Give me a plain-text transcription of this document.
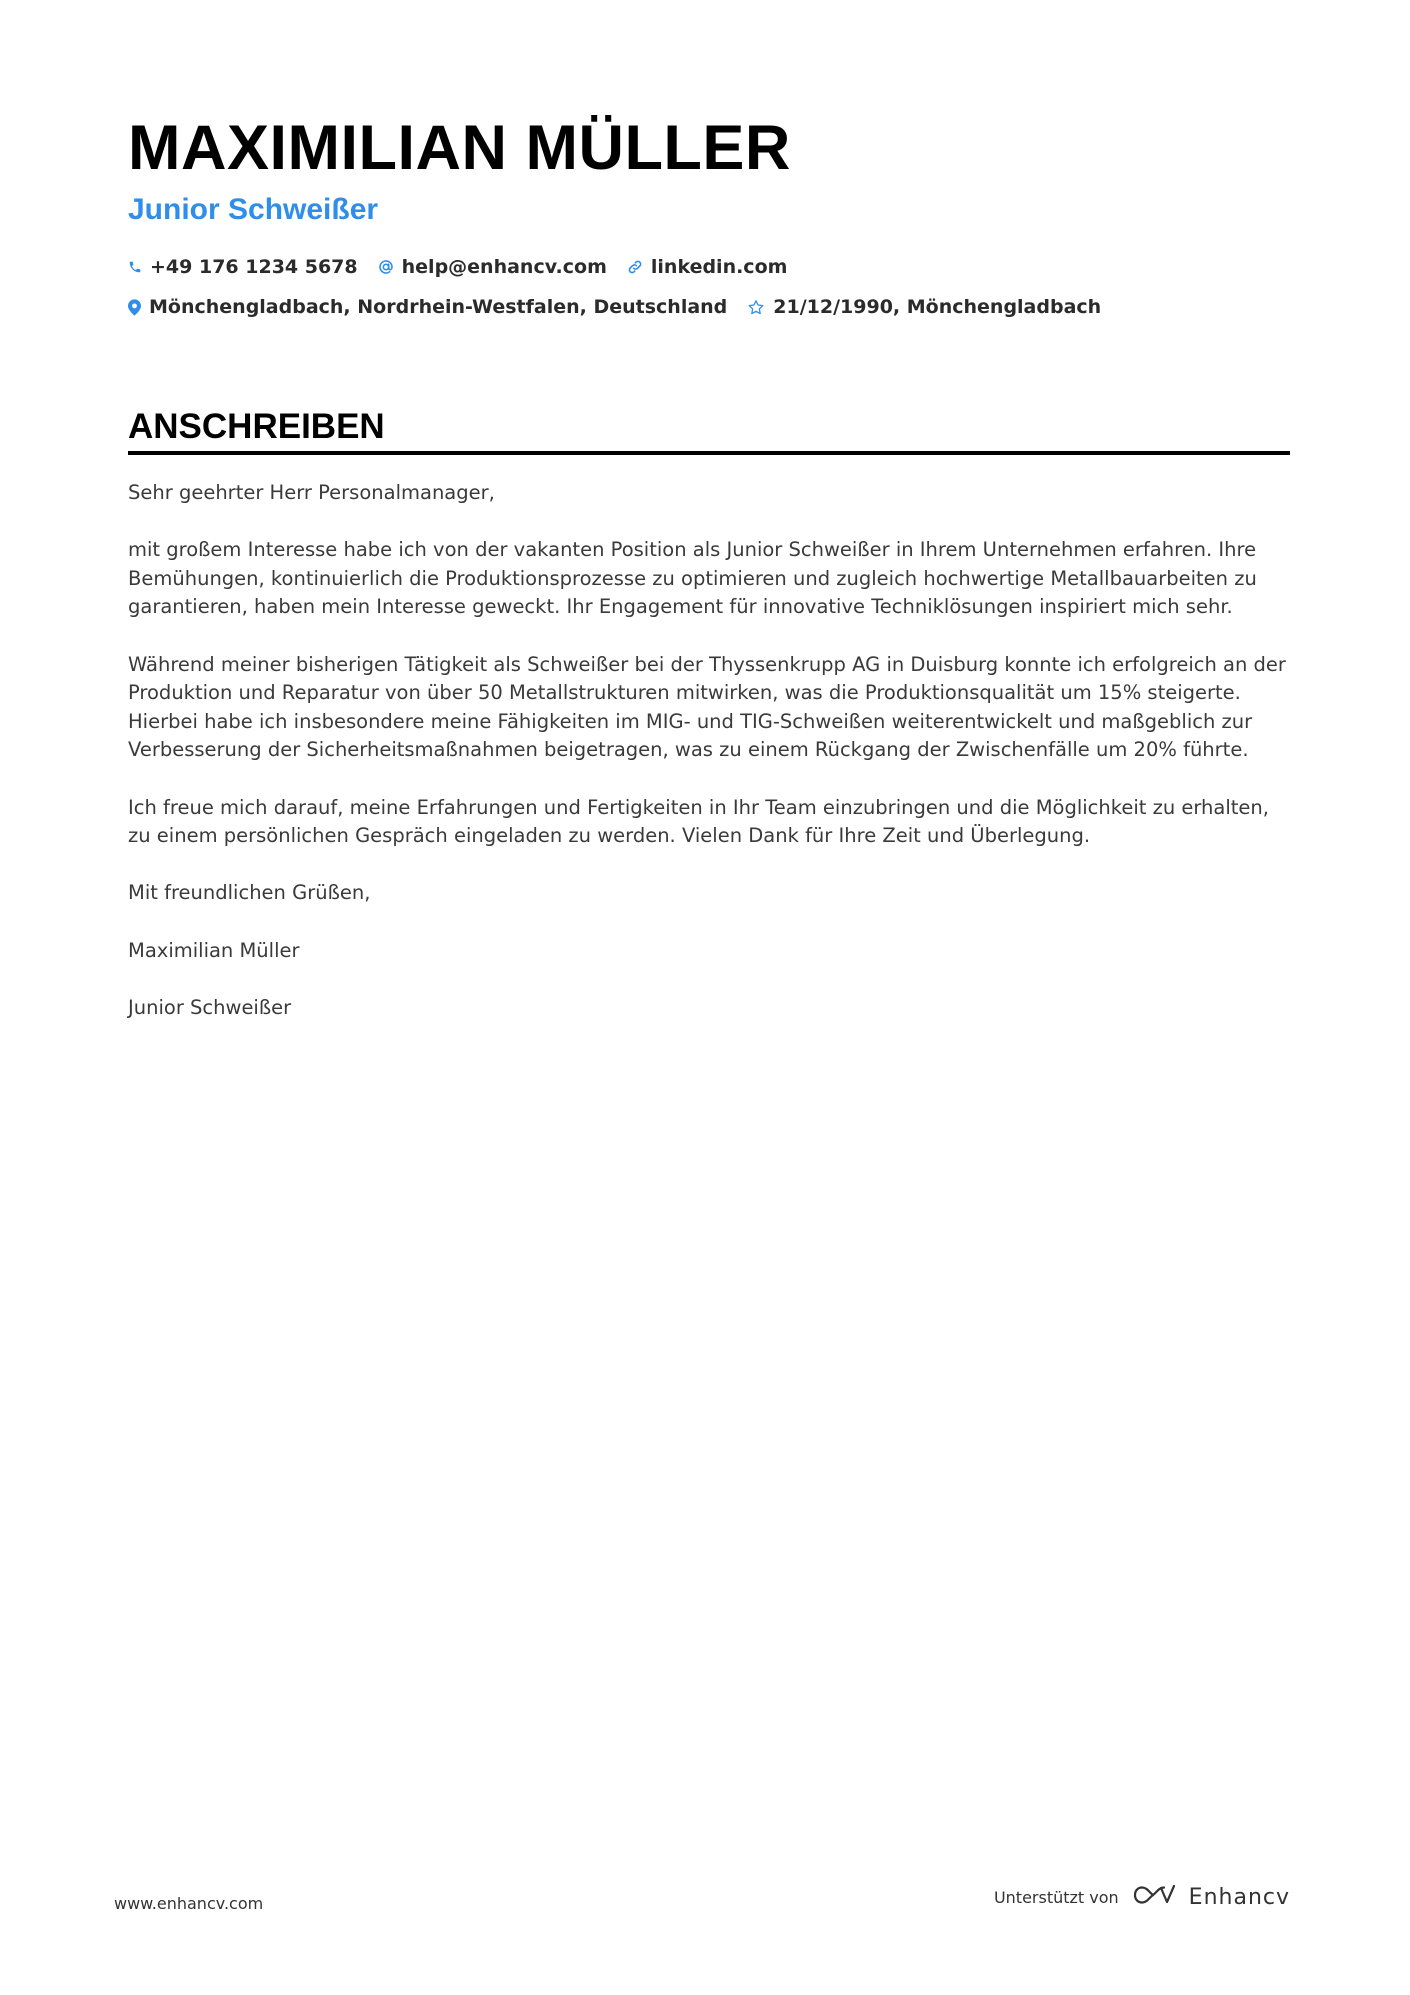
MAXIMILIAN MÜLLER
Junior Schweißer
+49 176 1234 5678 help@enhancv.com linkedin.com
Mönchengladbach, Nordrhein-Westfalen, Deutschland 21/12/1990, Mönchengladbach
ANSCHREIBEN

Sehr geehrter Herr Personalmanager,

mit großem Interesse habe ich von der vakanten Position als Junior Schweißer in Ihrem Unternehmen erfahren. Ihre Bemühungen, kontinuierlich die Produktionsprozesse zu optimieren und zugleich hochwertige Metallbauarbeiten zu garantieren, haben mein Interesse geweckt. Ihr Engagement für innovative Techniklösungen inspiriert mich sehr.

Während meiner bisherigen Tätigkeit als Schweißer bei der Thyssenkrupp AG in Duisburg konnte ich erfolgreich an der Produktion und Reparatur von über 50 Metallstrukturen mitwirken, was die Produktionsqualität um 15% steigerte. Hierbei habe ich insbesondere meine Fähigkeiten im MIG- und TIG-Schweißen weiterentwickelt und maßgeblich zur Verbesserung der Sicherheitsmaßnahmen beigetragen, was zu einem Rückgang der Zwischenfälle um 20% führte.

Ich freue mich darauf, meine Erfahrungen und Fertigkeiten in Ihr Team einzubringen und die Möglichkeit zu erhalten, zu einem persönlichen Gespräch eingeladen zu werden. Vielen Dank für Ihre Zeit und Überlegung.

Mit freundlichen Grüßen,

Maximilian Müller

Junior Schweißer

www.enhancv.com	Unterstützt von	Enhancv
